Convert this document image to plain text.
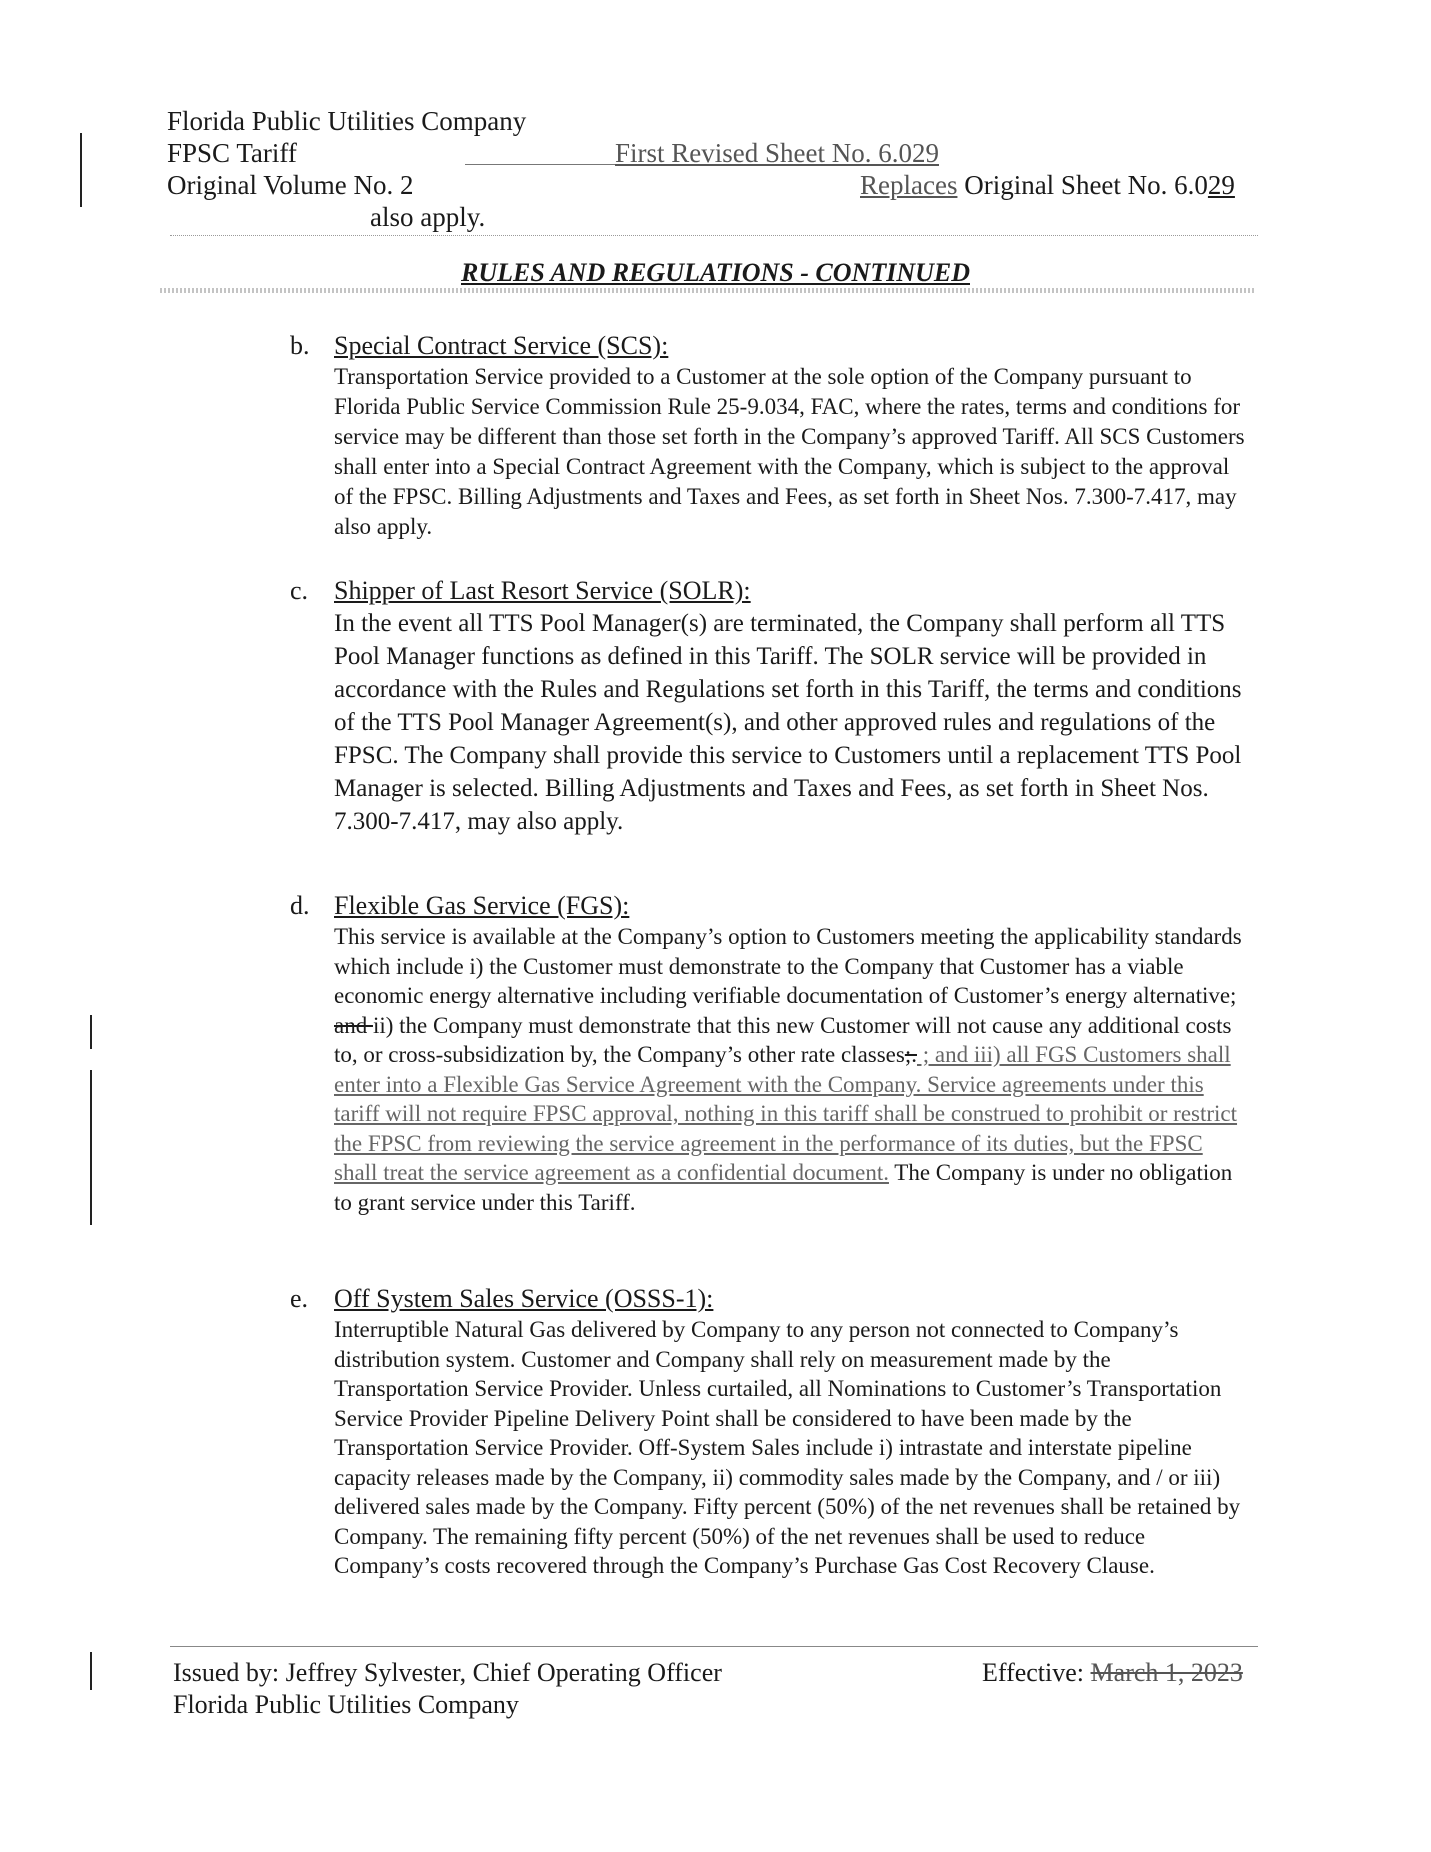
Florida Public Utilities Company
FPSC Tariff
Original Volume No. 2
also apply.
First Revised Sheet No. 6.029
Replaces Original Sheet No. 6.029
RULES AND REGULATIONS - CONTINUED
b. Special Contract Service (SCS):
Transportation Service provided to a Customer at the sole option of the Company pursuant to Florida Public Service Commission Rule 25-9.034, FAC, where the rates, terms and conditions for service may be different than those set forth in the Company’s approved Tariff. All SCS Customers shall enter into a Special Contract Agreement with the Company, which is subject to the approval of the FPSC. Billing Adjustments and Taxes and Fees, as set forth in Sheet Nos. 7.300-7.417, may also apply.
c. Shipper of Last Resort Service (SOLR):
In the event all TTS Pool Manager(s) are terminated, the Company shall perform all TTS Pool Manager functions as defined in this Tariff. The SOLR service will be provided in accordance with the Rules and Regulations set forth in this Tariff, the terms and conditions of the TTS Pool Manager Agreement(s), and other approved rules and regulations of the FPSC. The Company shall provide this service to Customers until a replacement TTS Pool Manager is selected. Billing Adjustments and Taxes and Fees, as set forth in Sheet Nos. 7.300-7.417, may also apply.
d. Flexible Gas Service (FGS):
This service is available at the Company’s option to Customers meeting the applicability standards which include i) the Customer must demonstrate to the Company that Customer has a viable economic energy alternative including verifiable documentation of Customer’s energy alternative; and ii) the Company must demonstrate that this new Customer will not cause any additional costs to, or cross-subsidization by, the Company’s other rate classes;. ; and iii) all FGS Customers shall enter into a Flexible Gas Service Agreement with the Company. Service agreements under this tariff will not require FPSC approval, nothing in this tariff shall be construed to prohibit or restrict the FPSC from reviewing the service agreement in the performance of its duties, but the FPSC shall treat the service agreement as a confidential document. The Company is under no obligation to grant service under this Tariff.
e. Off System Sales Service (OSSS-1):
Interruptible Natural Gas delivered by Company to any person not connected to Company’s distribution system. Customer and Company shall rely on measurement made by the Transportation Service Provider. Unless curtailed, all Nominations to Customer’s Transportation Service Provider Pipeline Delivery Point shall be considered to have been made by the Transportation Service Provider. Off-System Sales include i) intrastate and interstate pipeline capacity releases made by the Company, ii) commodity sales made by the Company, and / or iii) delivered sales made by the Company. Fifty percent (50%) of the net revenues shall be retained by Company. The remaining fifty percent (50%) of the net revenues shall be used to reduce Company’s costs recovered through the Company’s Purchase Gas Cost Recovery Clause.
Issued by: Jeffrey Sylvester, Chief Operating Officer
Florida Public Utilities Company
Effective: March 1, 2023
